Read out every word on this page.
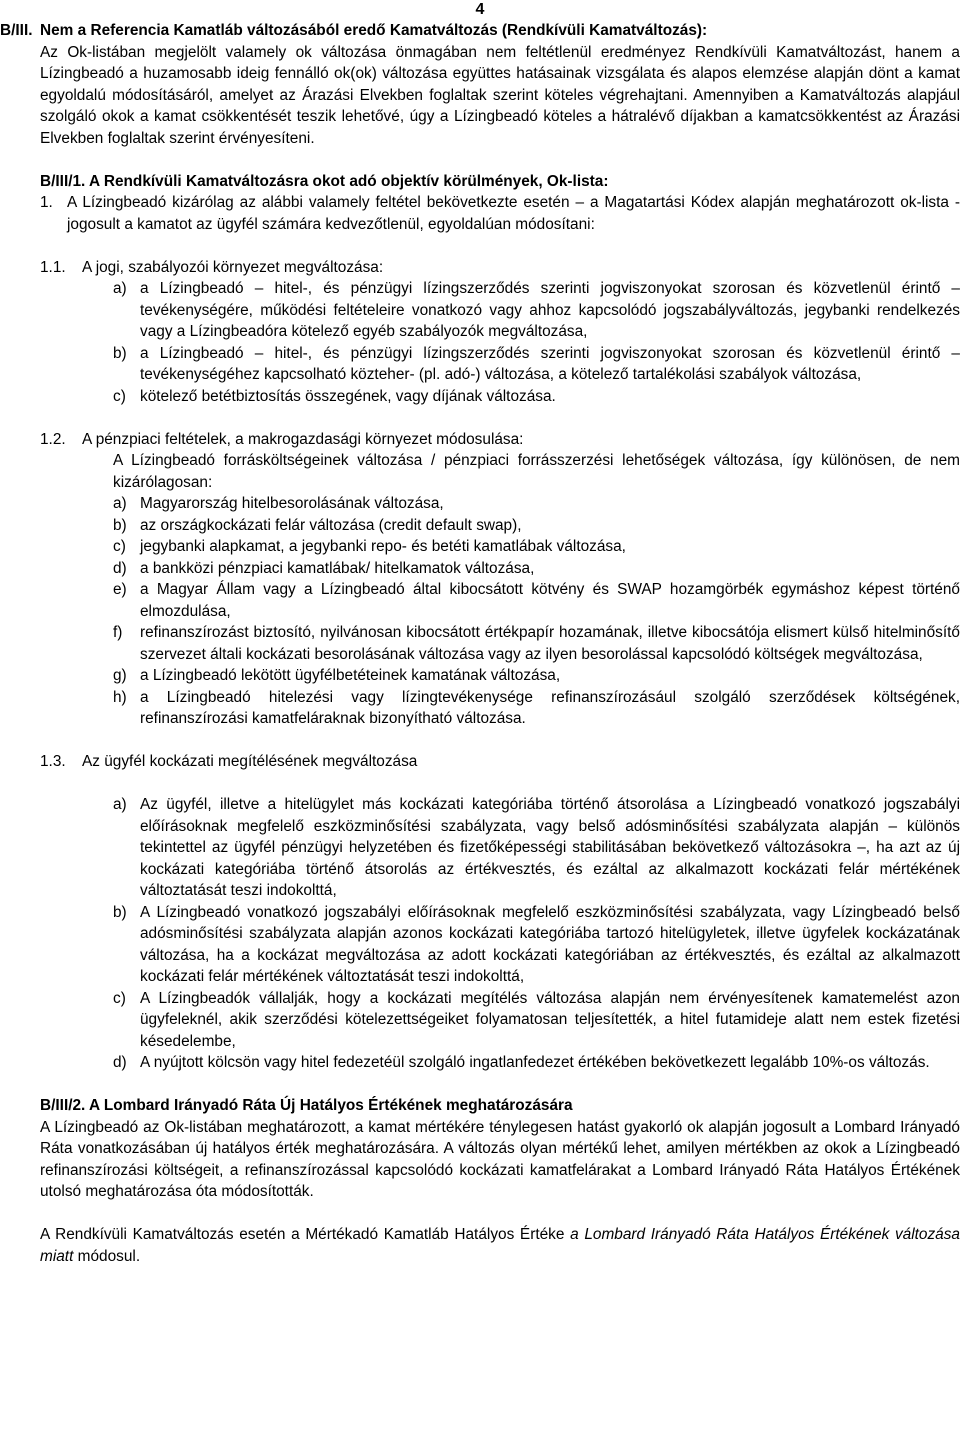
4
B/III. Nem a Referencia Kamatláb változásából eredő Kamatváltozás (Rendkívüli Kamatváltozás):

Az Ok-listában megjelölt valamely ok változása önmagában nem feltétlenül eredményez Rendkívüli Kamatváltozást, hanem a Lízingbeadó a huzamosabb ideig fennálló ok(ok) változása együttes hatásainak vizsgálata és alapos elemzése alapján dönt a kamat egyoldalú módosításáról, amelyet az Árazási Elvekben foglaltak szerint köteles végrehajtani. Amennyiben a Kamatváltozás alapjául szolgáló okok a kamat csökkentését teszik lehetővé, úgy a Lízingbeadó köteles a hátralévő díjakban a kamatcsökkentést az Árazási Elvekben foglaltak szerint érvényesíteni.

B/III/1. A Rendkívüli Kamatváltozásra okot adó objektív körülmények, Ok-lista:

1. A Lízingbeadó kizárólag az alábbi valamely feltétel bekövetkezte esetén – a Magatartási Kódex alapján meghatározott ok-lista - jogosult a kamatot az ügyfél számára kedvezőtlenül, egyoldalúan módosítani:
1.1.	A jogi, szabályozói környezet megváltozása:
a) a Lízingbeadó – hitel-, és pénzügyi lízingszerződés szerinti jogviszonyokat szorosan és közvetlenül érintő – tevékenységére, működési feltételeire vonatkozó vagy ahhoz kapcsolódó jogszabályváltozás, jegybanki rendelkezés vagy a Lízingbeadóra kötelező egyéb szabályozók megváltozása,
b) a Lízingbeadó – hitel-, és pénzügyi lízingszerződés szerinti jogviszonyokat szorosan és közvetlenül érintő – tevékenységéhez kapcsolható közteher- (pl. adó-) változása, a kötelező tartalékolási szabályok változása,
c) kötelező betétbiztosítás összegének, vagy díjának változása.
1.2.	A pénzpiaci feltételek, a makrogazdasági környezet módosulása:

A Lízingbeadó forrásköltségeinek változása / pénzpiaci forrásszerzési lehetőségek változása, így különösen, de nem kizárólagosan:

a) Magyarország hitelbesorolásának változása,
b) az országkockázati felár változása (credit default swap),
c) jegybanki alapkamat, a jegybanki repo- és betéti kamatlábak változása,
d) a bankközi pénzpiaci kamatlábak/ hitelkamatok változása,
e) a Magyar Állam vagy a Lízingbeadó által kibocsátott kötvény és SWAP hozamgörbék egymáshoz képest történő elmozdulása,
f)	refinanszírozást biztosító, nyilvánosan kibocsátott értékpapír hozamának, illetve kibocsátója elismert külső hitelminősítő szervezet általi kockázati besorolásának változása vagy az ilyen besorolással kapcsolódó költségek megváltozása,
g) a Lízingbeadó lekötött ügyfélbetéteinek kamatának változása,
h) a Lízingbeadó hitelezési vagy lízingtevékenysége refinanszírozásául szolgáló szerződések költségének, refinanszírozási kamatfeláraknak bizonyítható változása.
1.3.	Az ügyfél kockázati megítélésének megváltozása
a) Az ügyfél, illetve a hitelügylet más kockázati kategóriába történő átsorolása a Lízingbeadó vonatkozó jogszabályi előírásoknak megfelelő eszközminősítési szabályzata, vagy belső adósminősítési szabályzata alapján – különös tekintettel az ügyfél pénzügyi helyzetében és fizetőképességi stabilitásában bekövetkező változásokra –, ha azt az új kockázati kategóriába történő átsorolás az értékvesztés, és ezáltal az alkalmazott kockázati felár mértékének változtatását teszi indokolttá,
b) A Lízingbeadó vonatkozó jogszabályi előírásoknak megfelelő eszközminősítési szabályzata, vagy Lízingbeadó belső adósminősítési szabályzata alapján azonos kockázati kategóriába tartozó hitelügyletek, illetve ügyfelek kockázatának változása, ha a kockázat megváltozása az adott kockázati kategóriában az értékvesztés, és ezáltal az alkalmazott kockázati felár mértékének változtatását teszi indokolttá,
c) A Lízingbeadók vállalják, hogy a kockázati megítélés változása alapján nem érvényesítenek kamatemelést azon ügyfeleknél, akik szerződési kötelezettségeiket folyamatosan teljesítették, a hitel futamideje alatt nem estek fizetési késedelembe,
d) A nyújtott kölcsön vagy hitel fedezetéül szolgáló ingatlanfedezet értékében bekövetkezett legalább 10%-os változás.

B/III/2. A Lombard Irányadó Ráta Új Hatályos Értékének meghatározására

A Lízingbeadó az Ok-listában meghatározott, a kamat mértékére ténylegesen hatást gyakorló ok alapján jogosult a Lombard Irányadó Ráta vonatkozásában új hatályos érték meghatározására. A változás olyan mértékű lehet, amilyen mértékben az okok a Lízingbeadó refinanszírozási költségeit, a refinanszírozással kapcsolódó kockázati kamatfelárakat a Lombard Irányadó Ráta Hatályos Értékének utolsó meghatározása óta módosították.

A Rendkívüli Kamatváltozás esetén a Mértékadó Kamatláb Hatályos Értéke a Lombard Irányadó Ráta Hatályos Értékének változása miatt módosul.
